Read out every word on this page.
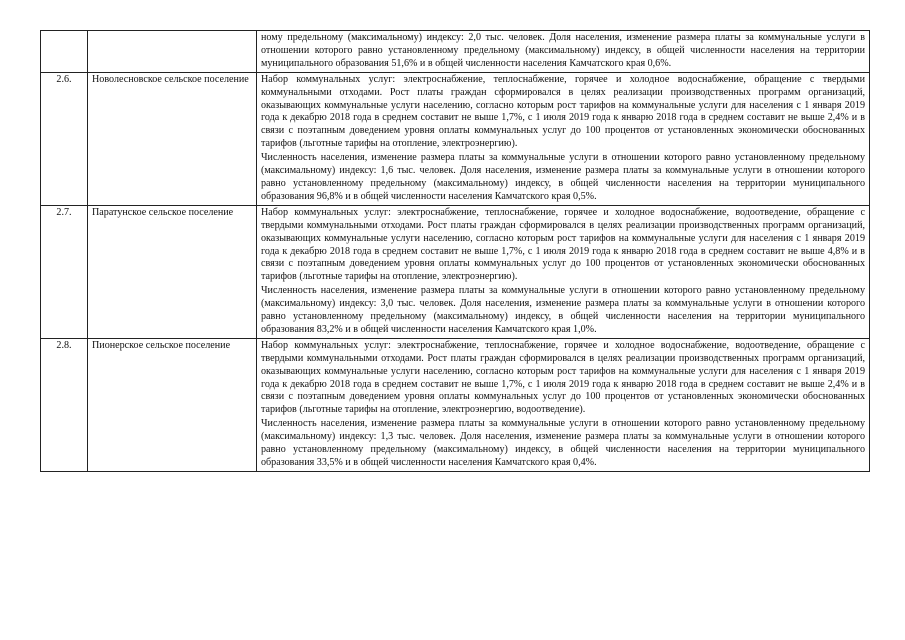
		ному предельному (максимальному) индексу: 2,0 тыс. человек. Доля населения, изменение размера платы за коммунальные услуги в отношении которого равно установленному предельному (максимальному) индексу, в общей численности населения на территории муниципального образования 51,6% и в общей численности населения Камчатского края 0,6%.

2.6.	Новолесновское сельское поселение	Набор коммунальных услуг: электроснабжение, теплоснабжение, горячее и холодное водоснабжение, обращение с твердыми коммунальными отходами. Рост платы граждан сформировался в целях реализации производственных программ организаций, оказывающих коммунальные услуги населению, согласно которым рост тарифов на коммунальные услуги для населения с 1 января 2019 года к декабрю 2018 года в среднем составит не выше 1,7%, с 1 июля 2019 года к январю 2018 года в среднем составит не выше 2,4% и в связи с поэтапным доведением уровня оплаты коммунальных услуг до 100 процентов от установленных экономически обоснованных тарифов (льготные тарифы на отопление, электроэнергию).

Численность населения, изменение размера платы за коммунальные услуги в отношении которого равно установленному предельному (максимальному) индексу: 1,6 тыс. человек. Доля населения, изменение размера платы за коммунальные услуги в отношении которого равно установленному предельному (максимальному) индексу, в общей численности населения на территории муниципального образования 96,8% и в общей численности населения Камчатского края 0,5%.

2.7.	Паратунское сельское поселение	Набор коммунальных услуг: электроснабжение, теплоснабжение, горячее и холодное водоснабжение, водоотведение, обращение с твердыми коммунальными отходами. Рост платы граждан сформировался в целях реализации производственных программ организаций, оказывающих коммунальные услуги населению, согласно которым рост тарифов на коммунальные услуги для населения с 1 января 2019 года к декабрю 2018 года в среднем составит не выше 1,7%, с 1 июля 2019 года к январю 2018 года в среднем составит не выше 4,8% и в связи с поэтапным доведением уровня оплаты коммунальных услуг до 100 процентов от установленных экономически обоснованных тарифов (льготные тарифы на отопление, электроэнергию).

Численность населения, изменение размера платы за коммунальные услуги в отношении которого равно установленному предельному (максимальному) индексу: 3,0 тыс. человек. Доля населения, изменение размера платы за коммунальные услуги в отношении которого равно установленному предельному (максимальному) индексу, в общей численности населения на территории муниципального образования 83,2% и в общей численности населения Камчатского края 1,0%.

2.8.	Пионерское сельское поселение	Набор коммунальных услуг: электроснабжение, теплоснабжение, горячее и холодное водоснабжение, водоотведение, обращение с твердыми коммунальными отходами. Рост платы граждан сформировался в целях реализации производственных программ организаций, оказывающих коммунальные услуги населению, согласно которым рост тарифов на коммунальные услуги для населения с 1 января 2019 года к декабрю 2018 года в среднем составит не выше 1,7%, с 1 июля 2019 года к январю 2018 года в среднем составит не выше 2,4% и в связи с поэтапным доведением уровня оплаты коммунальных услуг до 100 процентов от установленных экономически обоснованных тарифов (льготные тарифы на отопление, электроэнергию, водоотведение).

Численность населения, изменение размера платы за коммунальные услуги в отношении которого равно установленному предельному (максимальному) индексу: 1,3 тыс. человек. Доля населения, изменение размера платы за коммунальные услуги в отношении которого равно установленному предельному (максимальному) индексу, в общей численности населения на территории муниципального образования 33,5% и в общей численности населения Камчатского края 0,4%.
